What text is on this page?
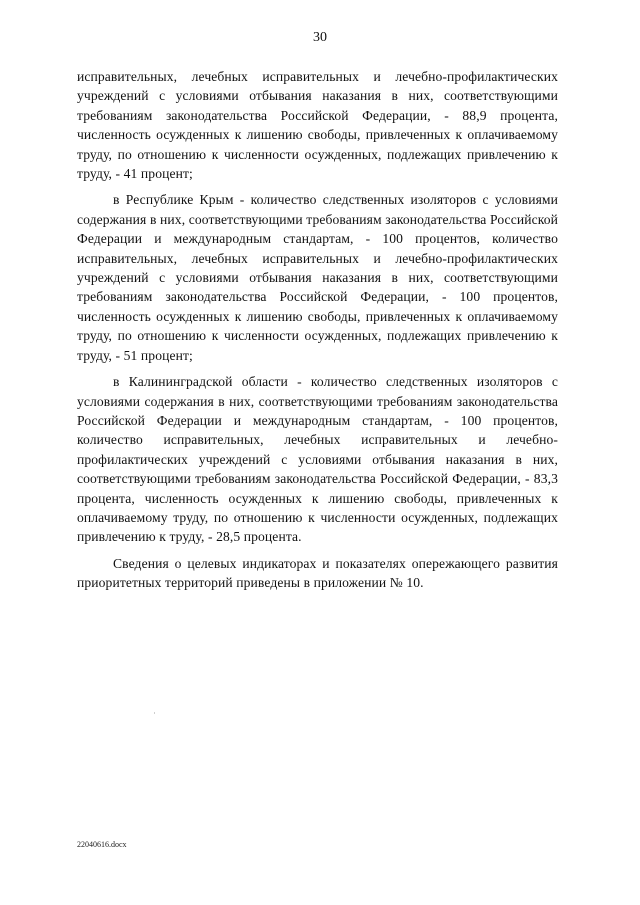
30

исправительных, лечебных исправительных и лечебно-профилактических учреждений с условиями отбывания наказания в них, соответствующими требованиям законодательства Российской Федерации, - 88,9 процента, численность осужденных к лишению свободы, привлеченных к оплачиваемому труду, по отношению к численности осужденных, подлежащих привлечению к труду, - 41 процент;

в Республике Крым - количество следственных изоляторов с условиями содержания в них, соответствующими требованиям законодательства Российской Федерации и международным стандартам, - 100 процентов, количество исправительных, лечебных исправительных и лечебно-профилактических учреждений с условиями отбывания наказания в них, соответствующими требованиям законодательства Российской Федерации, - 100 процентов, численность осужденных к лишению свободы, привлеченных к оплачиваемому труду, по отношению к численности осужденных, подлежащих привлечению к труду, - 51 процент;

в Калининградской области - количество следственных изоляторов с условиями содержания в них, соответствующими требованиям законодательства Российской Федерации и международным стандартам, - 100 процентов, количество исправительных, лечебных исправительных и лечебно-профилактических учреждений с условиями отбывания наказания в них, соответствующими требованиям законодательства Российской Федерации, - 83,3 процента, численность осужденных к лишению свободы, привлеченных к оплачиваемому труду, по отношению к численности осужденных, подлежащих привлечению к труду, - 28,5 процента.

Сведения о целевых индикаторах и показателях опережающего развития приоритетных территорий приведены в приложении № 10.

22040616.docx
